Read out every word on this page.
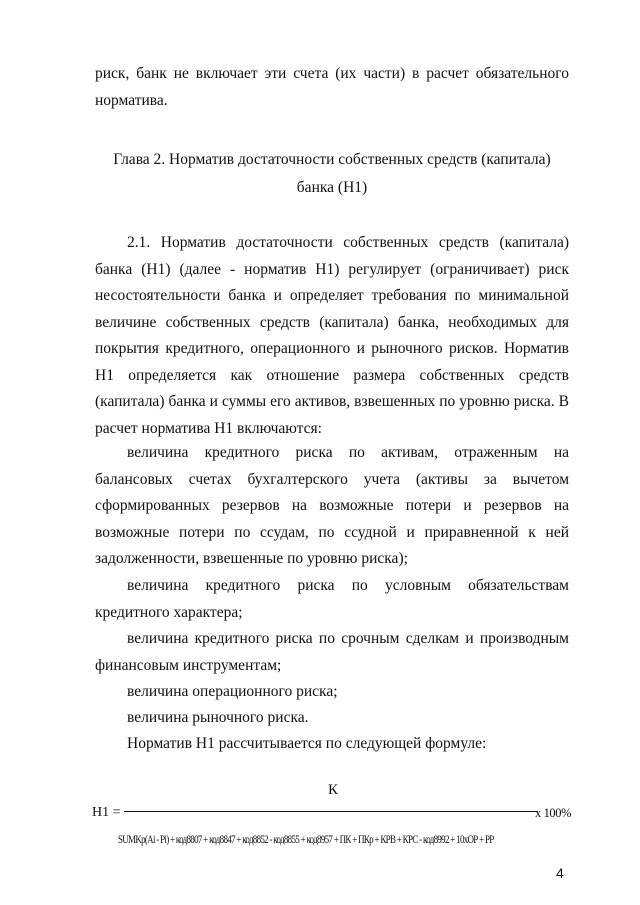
риск, банк не включает эти счета (их части) в расчет обязательного норматива.

Глава 2. Норматив достаточности собственных средств (капитала)

банка (Н1)

2.1. Норматив достаточности собственных средств (капитала) банка (Н1) (далее - норматив Н1) регулирует (ограничивает) риск несостоятельности банка и определяет требования по минимальной величине собственных средств (капитала) банка, необходимых для покрытия кредитного, операционного и рыночного рисков. Норматив Н1 определяется как отношение размера собственных средств (капитала) банка и суммы его активов, взвешенных по уровню риска. В расчет норматива Н1 включаются:

величина кредитного риска по активам, отраженным на балансовых счетах бухгалтерского учета (активы за вычетом сформированных резервов на возможные потери и резервов на возможные потери по ссудам, по ссудной и приравненной к ней задолженности, взвешенные по уровню риска);

величина кредитного риска по условным обязательствам кредитного характера;

величина кредитного риска по срочным сделкам и производным финансовым инструментам;

величина операционного риска;

величина рыночного риска.

Норматив Н1 рассчитывается по следующей формуле:

К
Н1 =	х 100%
SUMKp(Ai - Pi) + код8807 + код8847 + код8852 - код8855 + код8957 + ПК + ПКр + КРВ + КРС - код8992 + 10хОР + РР
4
